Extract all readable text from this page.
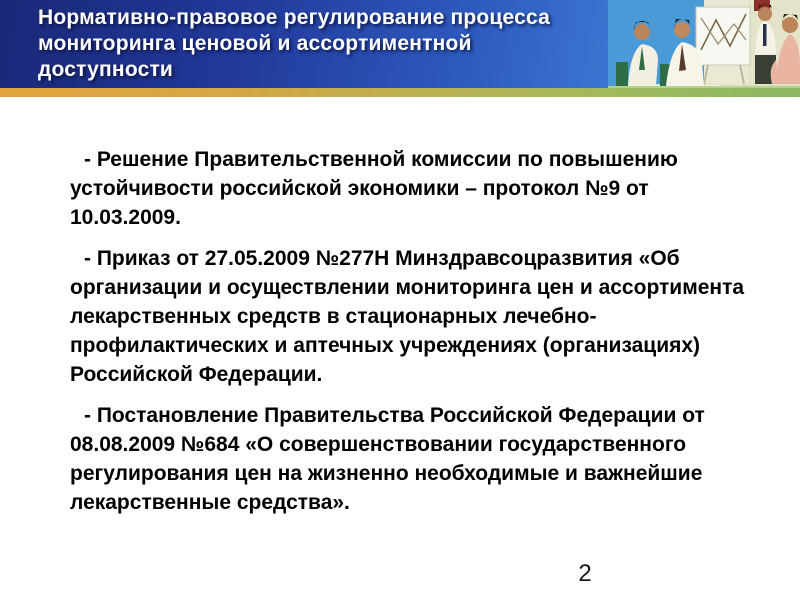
Нормативно-правовое регулирование процесса
мониторинга ценовой и ассортиментной
доступности

- Решение Правительственной комиссии по повышению устойчивости российской экономики – протокол №9 от 10.03.2009.

- Приказ от 27.05.2009 №277Н Минздравсоцразвития «Об организации и осуществлении мониторинга цен и ассортимента лекарственных средств в стационарных лечебно-профилактических и аптечных учреждениях (организациях) Российской Федерации.

- Постановление Правительства Российской Федерации от 08.08.2009 №684 «О совершенствовании государственного регулирования цен на жизненно необходимые и важнейшие лекарственные средства».

2
